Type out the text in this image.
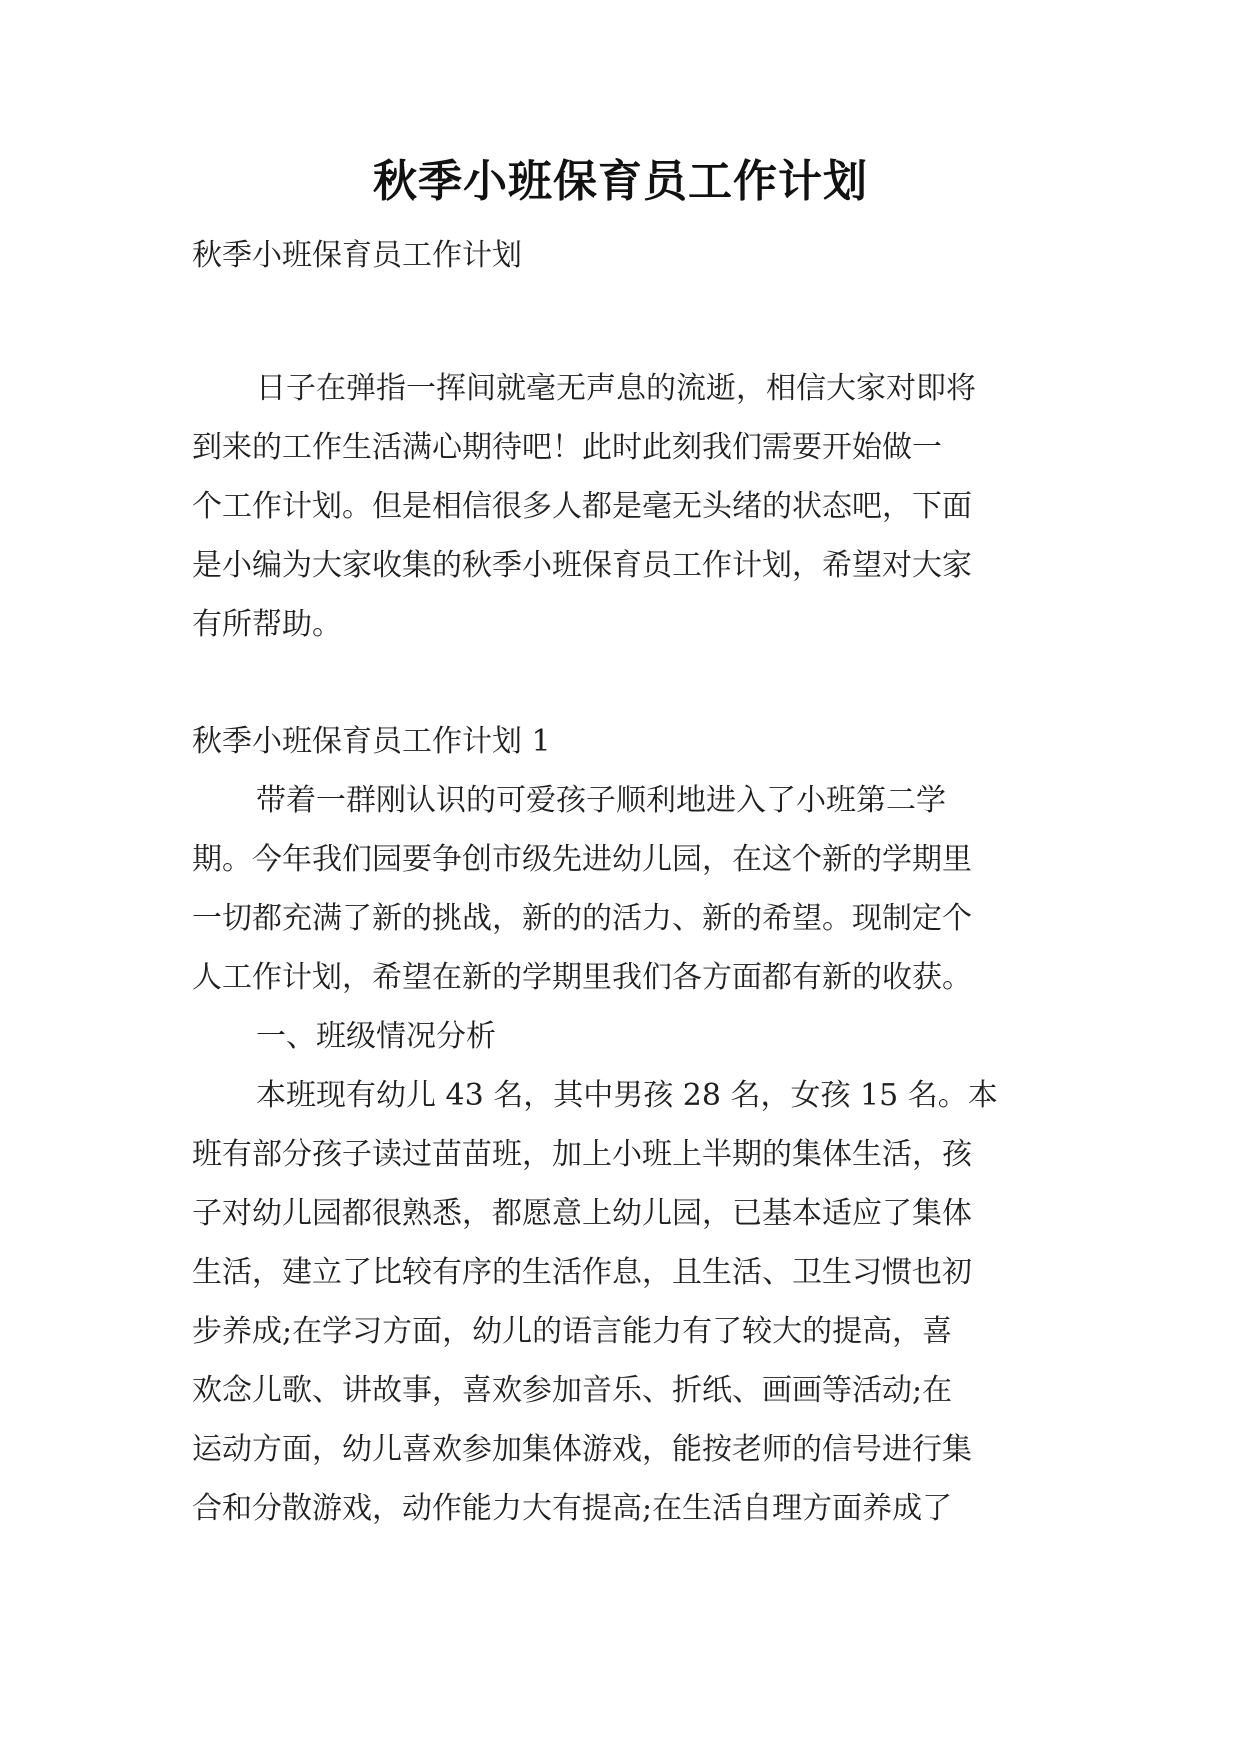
秋季小班保育员工作计划
秋季小班保育员工作计划
日子在弹指一挥间就毫无声息的流逝，相信大家对即将
到来的工作生活满心期待吧！此时此刻我们需要开始做一
个工作计划。但是相信很多人都是毫无头绪的状态吧，下面
是小编为大家收集的秋季小班保育员工作计划，希望对大家
有所帮助。
秋季小班保育员工作计划 1
带着一群刚认识的可爱孩子顺利地进入了小班第二学
期。今年我们园要争创市级先进幼儿园，在这个新的学期里
一切都充满了新的挑战，新的的活力、新的希望。现制定个
人工作计划，希望在新的学期里我们各方面都有新的收获。
一、班级情况分析
本班现有幼儿 43 名，其中男孩 28 名，女孩 15 名。本
班有部分孩子读过苗苗班，加上小班上半期的集体生活，孩
子对幼儿园都很熟悉，都愿意上幼儿园，已基本适应了集体
生活，建立了比较有序的生活作息，且生活、卫生习惯也初
步养成;在学习方面，幼儿的语言能力有了较大的提高，喜
欢念儿歌、讲故事，喜欢参加音乐、折纸、画画等活动;在
运动方面，幼儿喜欢参加集体游戏，能按老师的信号进行集
合和分散游戏，动作能力大有提高;在生活自理方面养成了
